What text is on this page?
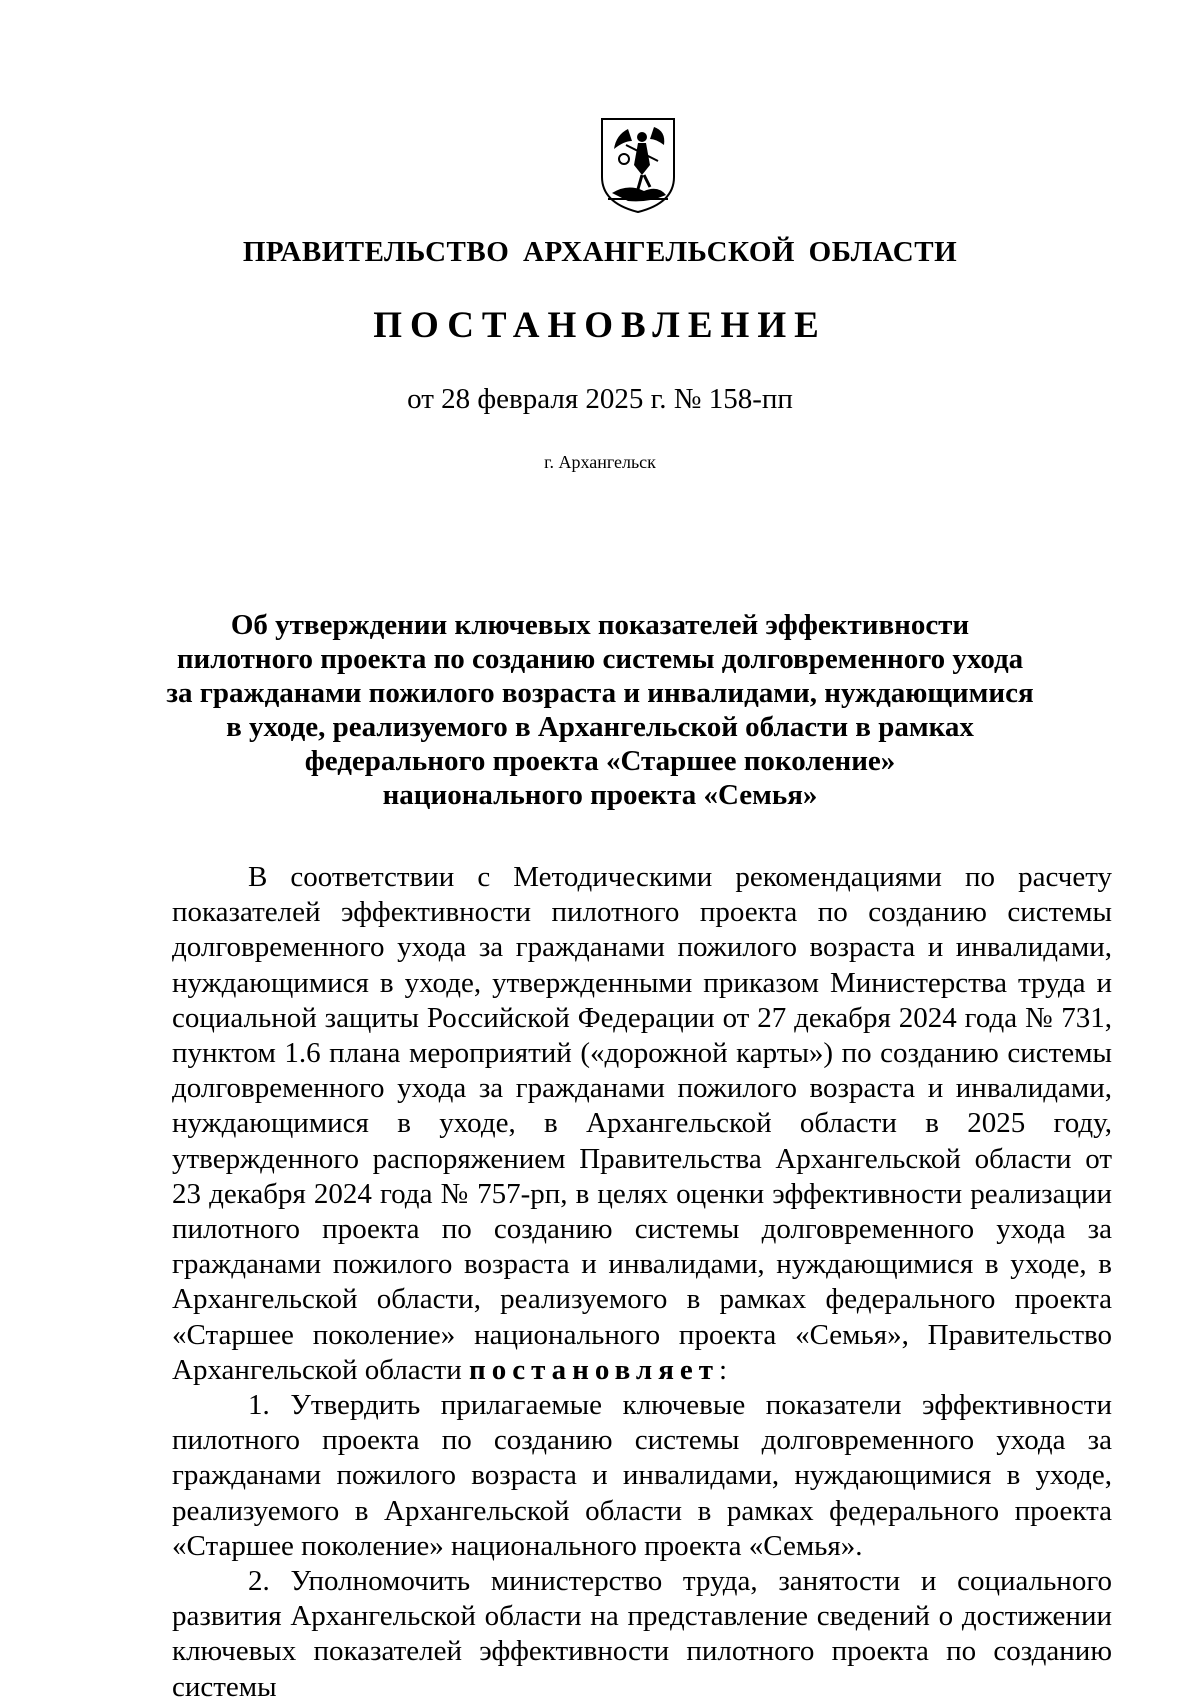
ПРАВИТЕЛЬСТВО АРХАНГЕЛЬСКОЙ ОБЛАСТИ
ПОСТАНОВЛЕНИЕ
от 28 февраля 2025 г. № 158-пп
г. Архангельск
Об утверждении ключевых показателей эффективности
пилотного проекта по созданию системы долговременного ухода
за гражданами пожилого возраста и инвалидами, нуждающимися
в уходе, реализуемого в Архангельской области в рамках
федерального проекта «Старшее поколение»
национального проекта «Семья»

В соответствии с Методическими рекомендациями по расчету показателей эффективности пилотного проекта по созданию системы долговременного ухода за гражданами пожилого возраста и инвалидами, нуждающимися в уходе, утвержденными приказом Министерства труда и социальной защиты Российской Федерации от 27 декабря 2024 года № 731, пунктом 1.6 плана мероприятий («дорожной карты») по созданию системы долговременного ухода за гражданами пожилого возраста и инвалидами, нуждающимися в уходе, в Архангельской области в 2025 году, утвержденного распоряжением Правительства Архангельской области от 23 декабря 2024 года № 757-рп, в целях оценки эффективности реализации пилотного проекта по созданию системы долговременного ухода за гражданами пожилого возраста и инвалидами, нуждающимися в уходе, в Архангельской области, реализуемого в рамках федерального проекта «Старшее поколение» национального проекта «Семья», Правительство Архангельской области постановляет:

1. Утвердить прилагаемые ключевые показатели эффективности пилотного проекта по созданию системы долговременного ухода за гражданами пожилого возраста и инвалидами, нуждающимися в уходе, реализуемого в Архангельской области в рамках федерального проекта «Старшее поколение» национального проекта «Семья».

2. Уполномочить министерство труда, занятости и социального развития Архангельской области на представление сведений о достижении ключевых показателей эффективности пилотного проекта по созданию системы
